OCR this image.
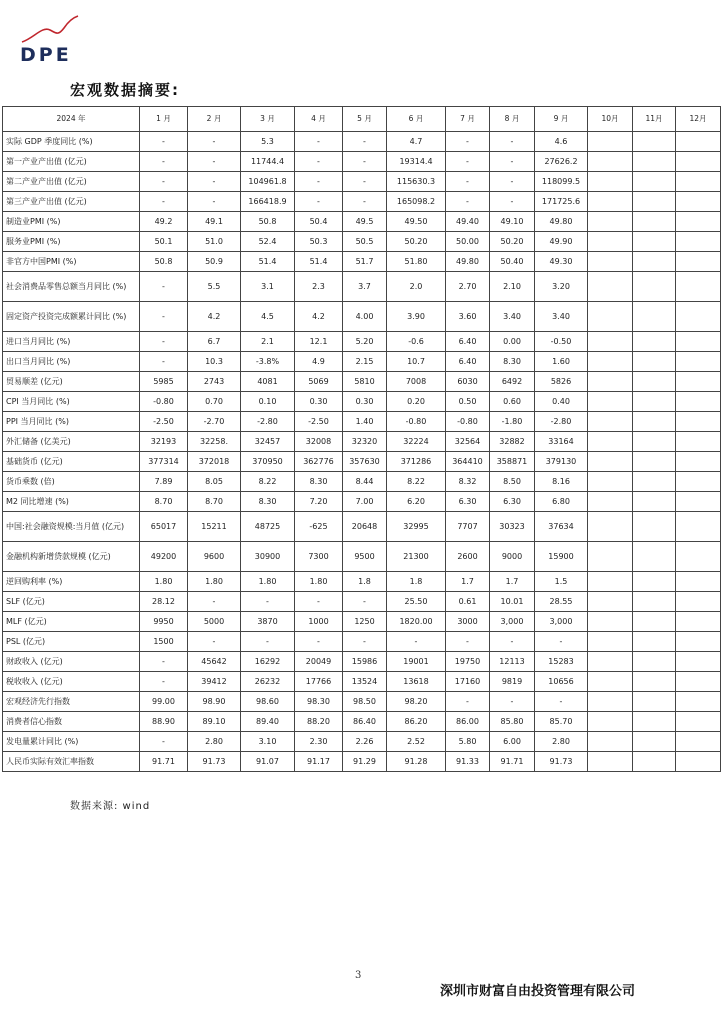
DPE
宏观数据摘要:
2024 年	1 月	2 月	3 月	4 月	5 月	6 月	7 月	8 月	9 月	10月	11月	12月
实际 GDP 季度同比 (%)	-	-	5.3	-	-	4.7	-	-	4.6			
第一产业产出值 (亿元)	-	-	11744.4	-	-	19314.4	-	-	27626.2			
第二产业产出值 (亿元)	-	-	104961.8	-	-	115630.3	-	-	118099.5			
第三产业产出值 (亿元)	-	-	166418.9	-	-	165098.2	-	-	171725.6			
制造业PMI (%)	49.2	49.1	50.8	50.4	49.5	49.50	49.40	49.10	49.80			
服务业PMI (%)	50.1	51.0	52.4	50.3	50.5	50.20	50.00	50.20	49.90			
非官方中国PMI (%)	50.8	50.9	51.4	51.4	51.7	51.80	49.80	50.40	49.30			
社会消费品零售总额当月同比 (%)	-	5.5	3.1	2.3	3.7	2.0	2.70	2.10	3.20			
固定资产投资完成额累计同比 (%)	-	4.2	4.5	4.2	4.00	3.90	3.60	3.40	3.40			
进口当月同比 (%)	-	6.7	2.1	12.1	5.20	-0.6	6.40	0.00	-0.50			
出口当月同比 (%)	-	10.3	-3.8%	4.9	2.15	10.7	6.40	8.30	1.60			
贸易顺差 (亿元)	5985	2743	4081	5069	5810	7008	6030	6492	5826			
CPI 当月同比 (%)	-0.80	0.70	0.10	0.30	0.30	0.20	0.50	0.60	0.40			
PPI 当月同比 (%)	-2.50	-2.70	-2.80	-2.50	1.40	-0.80	-0.80	-1.80	-2.80			
外汇储备 (亿美元)	32193	32258.	32457	32008	32320	32224	32564	32882	33164			
基础货币 (亿元)	377314	372018	370950	362776	357630	371286	364410	358871	379130			
货币乘数 (倍)	7.89	8.05	8.22	8.30	8.44	8.22	8.32	8.50	8.16			
M2 同比增速 (%)	8.70	8.70	8.30	7.20	7.00	6.20	6.30	6.30	6.80			
中国:社会融资规模:当月值 (亿元)	65017	15211	48725	-625	20648	32995	7707	30323	37634			
金融机构新增贷款规模 (亿元)	49200	9600	30900	7300	9500	21300	2600	9000	15900			
逆回购利率 (%)	1.80	1.80	1.80	1.80	1.8	1.8	1.7	1.7	1.5			
SLF (亿元)	28.12	-	-	-	-	25.50	0.61	10.01	28.55			
MLF (亿元)	9950	5000	3870	1000	1250	1820.00	3000	3,000	3,000			
PSL (亿元)	1500	-	-	-	-	-	-	-	-			
财政收入 (亿元)	-	45642	16292	20049	15986	19001	19750	12113	15283			
税收收入 (亿元)	-	39412	26232	17766	13524	13618	17160	9819	10656			
宏观经济先行指数	99.00	98.90	98.60	98.30	98.50	98.20	-	-	-			
消费者信心指数	88.90	89.10	89.40	88.20	86.40	86.20	86.00	85.80	85.70			
发电量累计同比 (%)	-	2.80	3.10	2.30	2.26	2.52	5.80	6.00	2.80			
人民币实际有效汇率指数	91.71	91.73	91.07	91.17	91.29	91.28	91.33	91.71	91.73			
数据来源: wind
3
深圳市财富自由投资管理有限公司
